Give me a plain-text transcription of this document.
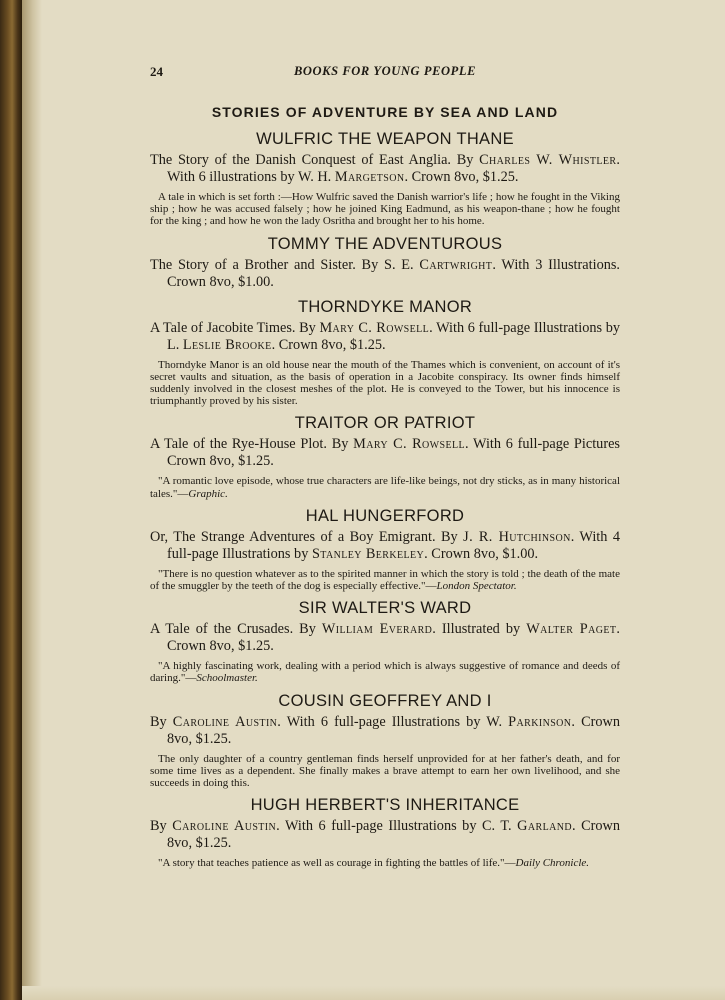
24	BOOKS FOR YOUNG PEOPLE
STORIES OF ADVENTURE BY SEA AND LAND
WULFRIC THE WEAPON THANE

The Story of the Danish Conquest of East Anglia. By Charles W. Whistler. With 6 illustrations by W. H. Margetson. Crown 8vo, $1.25.

A tale in which is set forth :—How Wulfric saved the Danish warrior's life ; how he fought in the Viking ship ; how he was accused falsely ; how he joined King Eadmund, as his weapon-thane ; how he fought for the king ; and how he won the lady Osritha and brought her to his home.

TOMMY THE ADVENTUROUS

The Story of a Brother and Sister. By S. E. Cartwright. With 3 Illustrations. Crown 8vo, $1.00.

THORNDYKE MANOR

A Tale of Jacobite Times. By Mary C. Rowsell. With 6 full-page Illustrations by L. Leslie Brooke. Crown 8vo, $1.25.

Thorndyke Manor is an old house near the mouth of the Thames which is convenient, on account of it's secret vaults and situation, as the basis of operation in a Jacobite conspiracy. Its owner finds himself suddenly involved in the closest meshes of the plot. He is conveyed to the Tower, but his innocence is triumphantly proved by his sister.

TRAITOR OR PATRIOT

A Tale of the Rye-House Plot. By Mary C. Rowsell. With 6 full-page Pictures Crown 8vo, $1.25.

"A romantic love episode, whose true characters are life-like beings, not dry sticks, as in many historical tales."—Graphic.

HAL HUNGERFORD

Or, The Strange Adventures of a Boy Emigrant. By J. R. Hutchinson. With 4 full-page Illustrations by Stanley Berkeley. Crown 8vo, $1.00.

"There is no question whatever as to the spirited manner in which the story is told ; the death of the mate of the smuggler by the teeth of the dog is especially effective."—London Spectator.

SIR WALTER'S WARD

A Tale of the Crusades. By William Everard. Illustrated by Walter Paget. Crown 8vo, $1.25.

"A highly fascinating work, dealing with a period which is always suggestive of romance and deeds of daring."—Schoolmaster.

COUSIN GEOFFREY AND I

By Caroline Austin. With 6 full-page Illustrations by W. Parkinson. Crown 8vo, $1.25.

The only daughter of a country gentleman finds herself unprovided for at her father's death, and for some time lives as a dependent. She finally makes a brave attempt to earn her own livelihood, and she succeeds in doing this.

HUGH HERBERT'S INHERITANCE

By Caroline Austin. With 6 full-page Illustrations by C. T. Garland. Crown 8vo, $1.25.

"A story that teaches patience as well as courage in fighting the battles of life."—Daily Chronicle.
